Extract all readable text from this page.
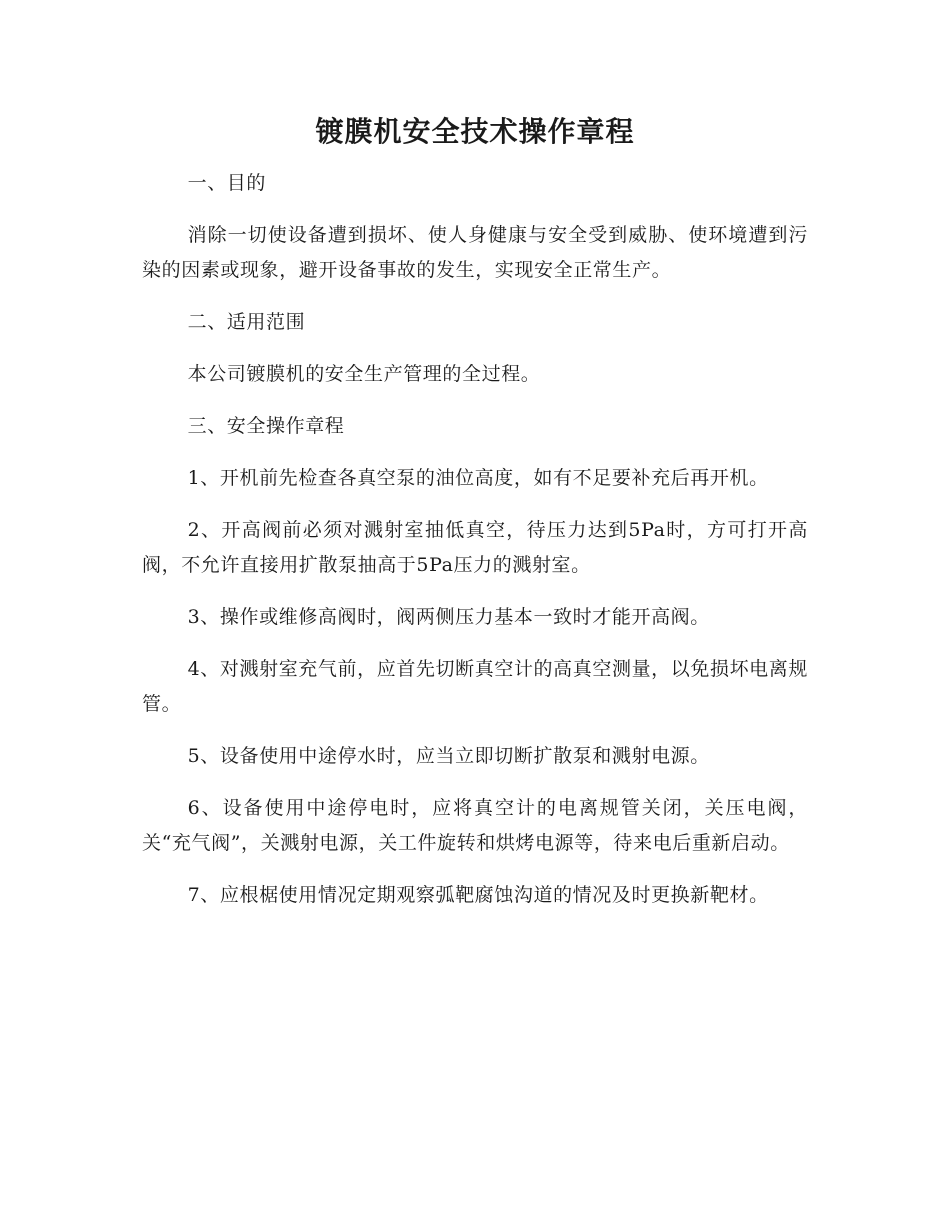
镀膜机安全技术操作章程

一、目的

消除一切使设备遭到损坏、使人身健康与安全受到威胁、使环境遭到污染的因素或现象，避开设备事故的发生，实现安全正常生产。

二、适用范围

本公司镀膜机的安全生产管理的全过程。

三、安全操作章程

1、开机前先检查各真空泵的油位高度，如有不足要补充后再开机。

2、开高阀前必须对溅射室抽低真空，待压力达到5Pa时，方可打开高阀，不允许直接用扩散泵抽高于5Pa压力的溅射室。

3、操作或维修高阀时，阀两侧压力基本一致时才能开高阀。

4、对溅射室充气前，应首先切断真空计的高真空测量，以免损坏电离规管。

5、设备使用中途停水时，应当立即切断扩散泵和溅射电源。

6、设备使用中途停电时，应将真空计的电离规管关闭，关压电阀，关“充气阀”，关溅射电源，关工件旋转和烘烤电源等，待来电后重新启动。

7、应根椐使用情况定期观察弧靶腐蚀沟道的情况及时更换新靶材。
